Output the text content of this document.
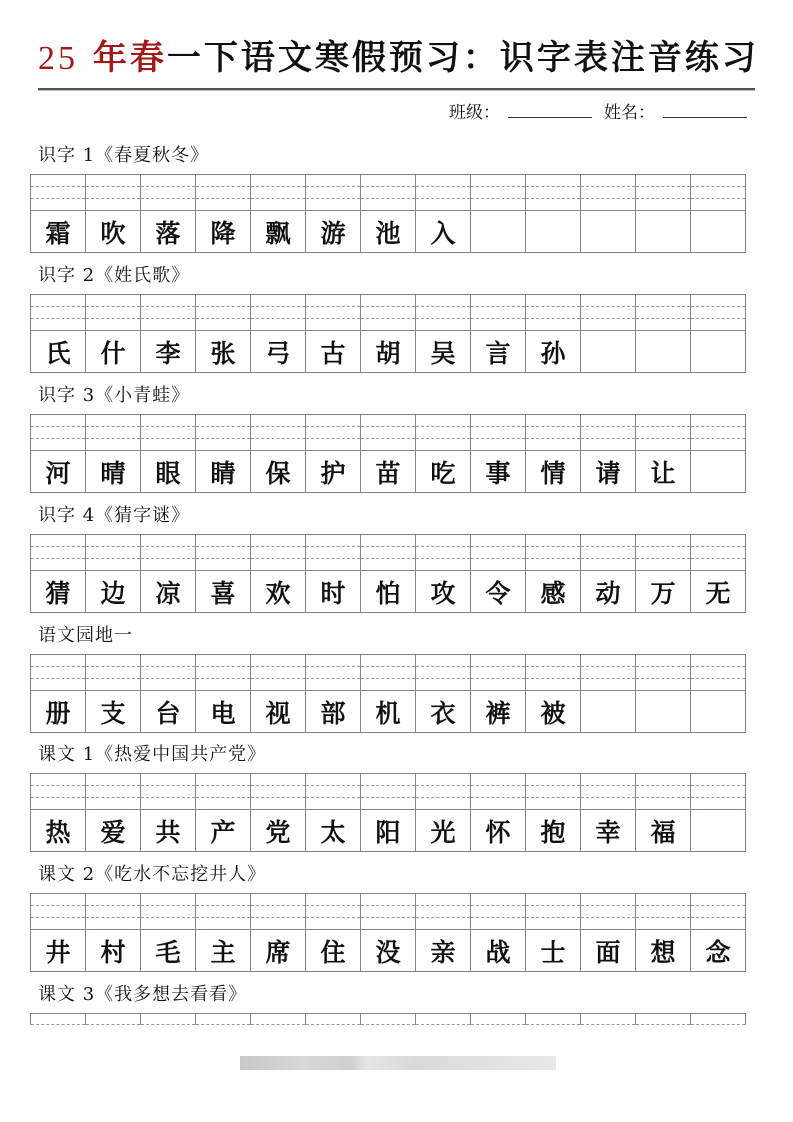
25 年春一下语文寒假预习：识字表注音练习
班级：	姓名：
识字 1《春夏秋冬》
霜	吹	落	降	飘	游	池	入
识字 2《姓氏歌》
氏	什	李	张	弓	古	胡	吴	言	孙
识字 3《小青蛙》
河	晴	眼	睛	保	护	苗	吃	事	情	请	让
识字 4《猜字谜》
猜	边	凉	喜	欢	时	怕	攻	令	感	动	万	无
语文园地一
册	支	台	电	视	部	机	衣	裤	被
课文 1《热爱中国共产党》
热	爱	共	产	党	太	阳	光	怀	抱	幸	福
课文 2《吃水不忘挖井人》
井	村	毛	主	席	住	没	亲	战	士	面	想	念
课文 3《我多想去看看》
